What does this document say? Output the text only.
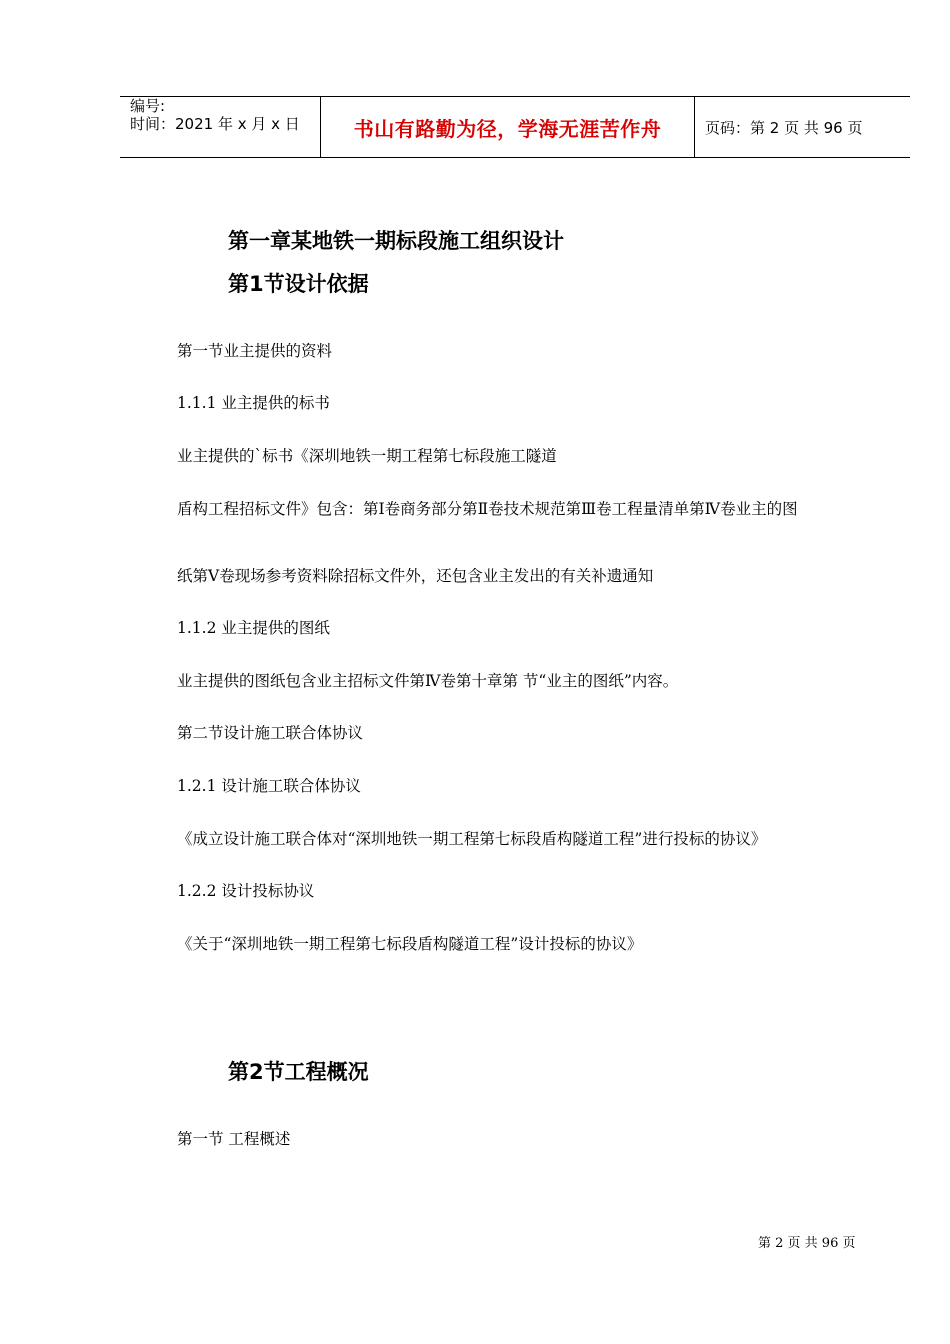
编号:
时间：2021 年 x 月 x 日	书山有路勤为径，学海无涯苦作舟	页码：第 2 页 共 96 页
第一章某地铁一期标段施工组织设计
第1节设计依据
第一节业主提供的资料
1.1.1 业主提供的标书
业主提供的`标书《深圳地铁一期工程第七标段施工隧道
盾构工程招标文件》包含：第Ⅰ卷商务部分第Ⅱ卷技术规范第Ⅲ卷工程量清单第Ⅳ卷业主的图
纸第Ⅴ卷现场参考资料除招标文件外，还包含业主发出的有关补遗通知
1.1.2 业主提供的图纸
业主提供的图纸包含业主招标文件第Ⅳ卷第十章第 节“业主的图纸”内容。
第二节设计施工联合体协议
1.2.1 设计施工联合体协议
《成立设计施工联合体对“深圳地铁一期工程第七标段盾构隧道工程”进行投标的协议》
1.2.2 设计投标协议
《关于“深圳地铁一期工程第七标段盾构隧道工程”设计投标的协议》
第2节工程概况
第一节 工程概述
第 2 页 共 96 页
